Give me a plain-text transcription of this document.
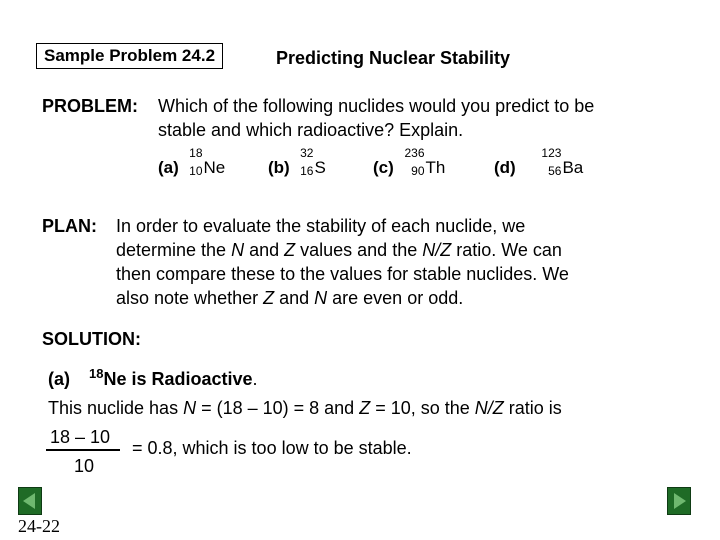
Sample Problem 24.2	Predicting Nuclear Stability
PROBLEM: Which of the following nuclides would you predict to be
stable and which radioactive? Explain.
(a)
18
10 Ne	(b)
32
16 S	(c)
236
90 Th	(d)
123
56 Ba
PLAN: In order to evaluate the stability of each nuclide, we
determine the N and Z values and the N/Z ratio. We can
then compare these to the values for stable nuclides. We
also note whether Z and N are even or odd.
SOLUTION:
(a) $^{18}$Ne is Radioactive.
This nuclide has N = (18 – 10) = 8 and Z = 10, so the N/Z ratio is
18 – 10
10
= 0.8, which is too low to be stable.
24-22
